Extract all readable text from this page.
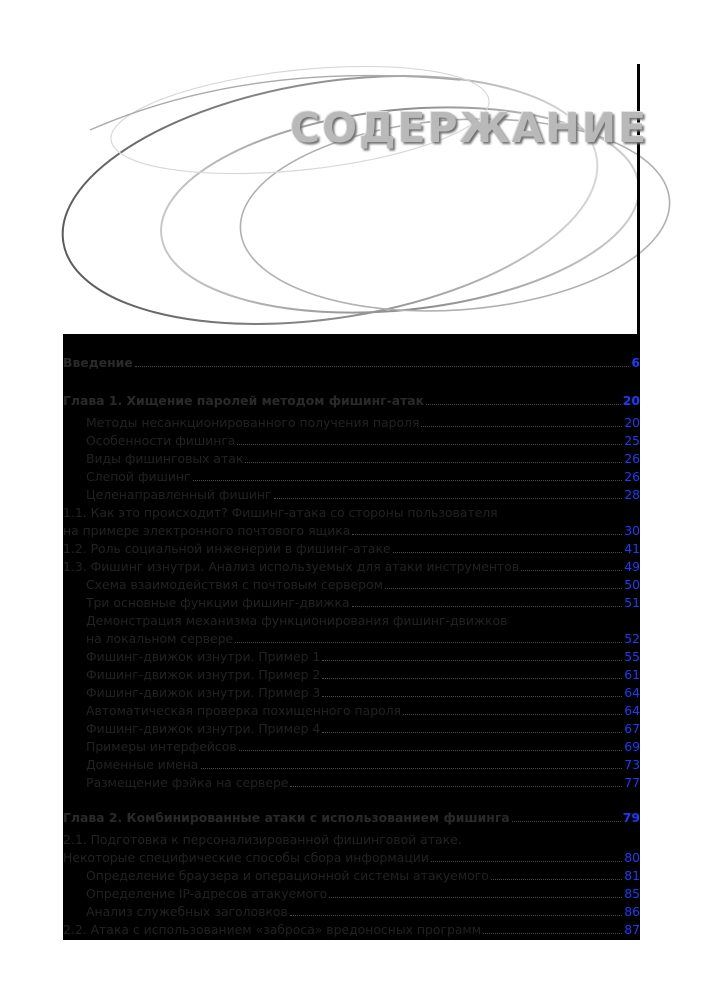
СОДЕРЖАНИЕ
Введение	6
Глава 1. Хищение паролей методом фишинг-атак	20
Методы несанкционированного получения пароля	20
Особенности фишинга	25
Виды фишинговых атак	26
Слепой фишинг	26
Целенаправленный фишинг	28
1.1. Как это происходит? Фишинг-атака со стороны пользователя
на примере электронного почтового ящика	30
1.2. Роль социальной инженерии в фишинг-атаке	41
1.3. Фишинг изнутри. Анализ используемых для атаки инструментов	49
Схема взаимодействия с почтовым сервером	50
Три основные функции фишинг-движка	51
Демонстрация механизма функционирования фишинг-движков
на локальном сервере	52
Фишинг-движок изнутри. Пример 1	55
Фишинг-движок изнутри. Пример 2	61
Фишинг-движок изнутри. Пример 3	64
Автоматическая проверка похищенного пароля	64
Фишинг-движок изнутри. Пример 4	67
Примеры интерфейсов	69
Доменные имена	73
Размещение фэйка на сервере	77
Глава 2. Комбинированные атаки с использованием фишинга	79
2.1. Подготовка к персонализированной фишинговой атаке.
Некоторые специфические способы сбора информации	80
Определение браузера и операционной системы атакуемого	81
Определение IP-адресов атакуемого	85
Анализ служебных заголовков	86
2.2. Атака с использованием «заброса» вредоносных программ	87
